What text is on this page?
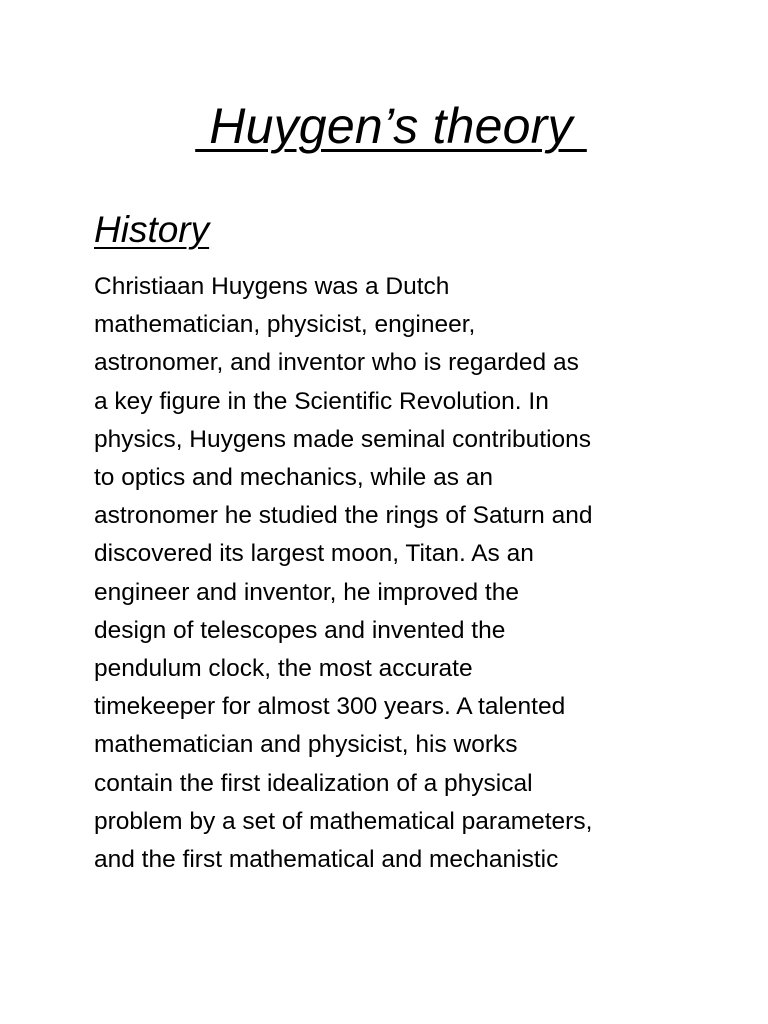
Huygen’s theory
History

Christiaan Huygens was a Dutch
mathematician, physicist, engineer,
astronomer, and inventor who is regarded as
a key figure in the Scientific Revolution. In
physics, Huygens made seminal contributions
to optics and mechanics, while as an
astronomer he studied the rings of Saturn and
discovered its largest moon, Titan. As an
engineer and inventor, he improved the
design of telescopes and invented the
pendulum clock, the most accurate
timekeeper for almost 300 years. A talented
mathematician and physicist, his works
contain the first idealization of a physical
problem by a set of mathematical parameters,
and the first mathematical and mechanistic
